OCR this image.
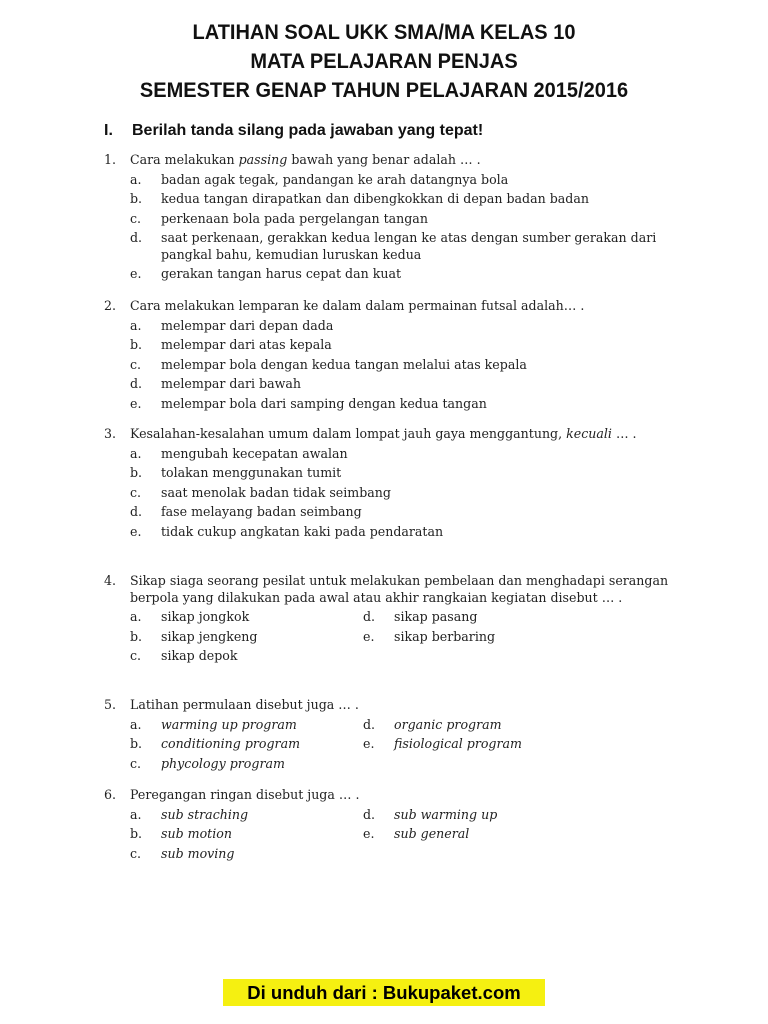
LATIHAN SOAL UKK SMA/MA KELAS 10
MATA PELAJARAN PENJAS
SEMESTER GENAP TAHUN PELAJARAN 2015/2016
I. Berilah tanda silang pada jawaban yang tepat!
1. Cara melakukan passing bawah yang benar adalah … .
a. badan agak tegak, pandangan ke arah datangnya bola
b. kedua tangan dirapatkan dan dibengkokkan di depan badan badan
c. perkenaan bola pada pergelangan tangan
d. saat perkenaan, gerakkan kedua lengan ke atas dengan sumber gerakan dari pangkal bahu, kemudian luruskan kedua
e. gerakan tangan harus cepat dan kuat
2. Cara melakukan lemparan ke dalam dalam permainan futsal adalah… .
a. melempar dari depan dada
b. melempar dari atas kepala
c. melempar bola dengan kedua tangan melalui atas kepala
d. melempar dari bawah
e. melempar bola dari samping dengan kedua tangan
3. Kesalahan-kesalahan umum dalam lompat jauh gaya menggantung, kecuali … .
a. mengubah kecepatan awalan
b. tolakan menggunakan tumit
c. saat menolak badan tidak seimbang
d. fase melayang badan seimbang
e. tidak cukup angkatan kaki pada pendaratan
4. Sikap siaga seorang pesilat untuk melakukan pembelaan dan menghadapi serangan berpola yang dilakukan pada awal atau akhir rangkaian kegiatan disebut … .
a. sikap jongkok	d. sikap pasang
b. sikap jengkeng	e. sikap berbaring
c. sikap depok
5. Latihan permulaan disebut juga … .
a. warming up program	d. organic program
b. conditioning program	e. fisiological program
c. phycology program
6. Peregangan ringan disebut juga … .
a. sub straching	d. sub warming up
b. sub motion	e. sub general
c. sub moving
Di unduh dari : Bukupaket.com
